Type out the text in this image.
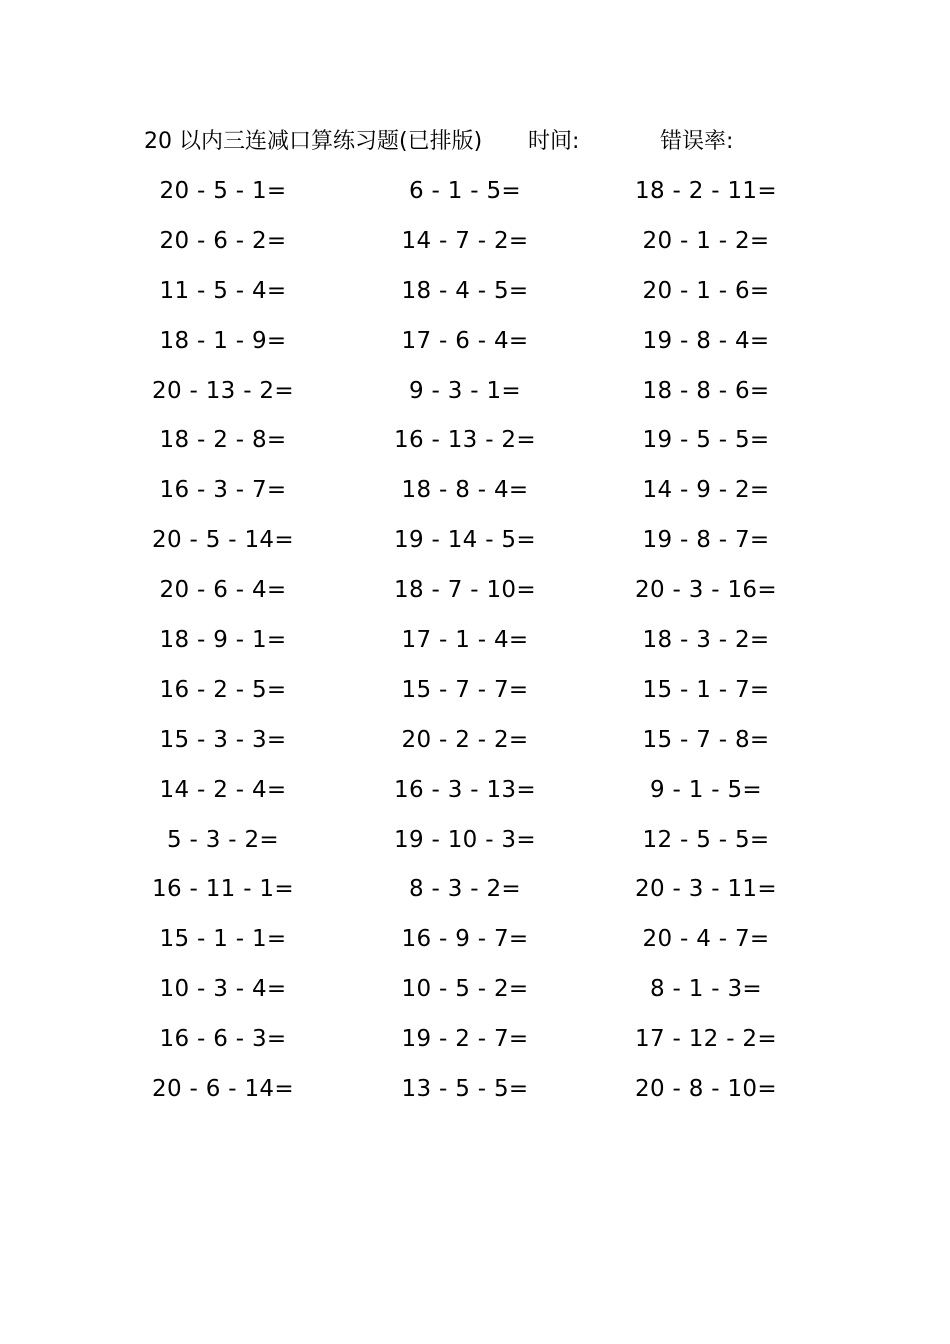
20 以内三连减口算练习题(已排版) 时间:	错误率:
20 - 5 - 1=	6 - 1 - 5=	18 - 2 - 11=
20 - 6 - 2=	14 - 7 - 2=	20 - 1 - 2=
11 - 5 - 4=	18 - 4 - 5=	20 - 1 - 6=
18 - 1 - 9=	17 - 6 - 4=	19 - 8 - 4=
20 - 13 - 2=	9 - 3 - 1=	18 - 8 - 6=
18 - 2 - 8=	16 - 13 - 2=	19 - 5 - 5=
16 - 3 - 7=	18 - 8 - 4=	14 - 9 - 2=
20 - 5 - 14=	19 - 14 - 5=	19 - 8 - 7=
20 - 6 - 4=	18 - 7 - 10=	20 - 3 - 16=
18 - 9 - 1=	17 - 1 - 4=	18 - 3 - 2=
16 - 2 - 5=	15 - 7 - 7=	15 - 1 - 7=
15 - 3 - 3=	20 - 2 - 2=	15 - 7 - 8=
14 - 2 - 4=	16 - 3 - 13=	9 - 1 - 5=
5 - 3 - 2=	19 - 10 - 3=	12 - 5 - 5=
16 - 11 - 1=	8 - 3 - 2=	20 - 3 - 11=
15 - 1 - 1=	16 - 9 - 7=	20 - 4 - 7=
10 - 3 - 4=	10 - 5 - 2=	8 - 1 - 3=
16 - 6 - 3=	19 - 2 - 7=	17 - 12 - 2=
20 - 6 - 14=	13 - 5 - 5=	20 - 8 - 10=
